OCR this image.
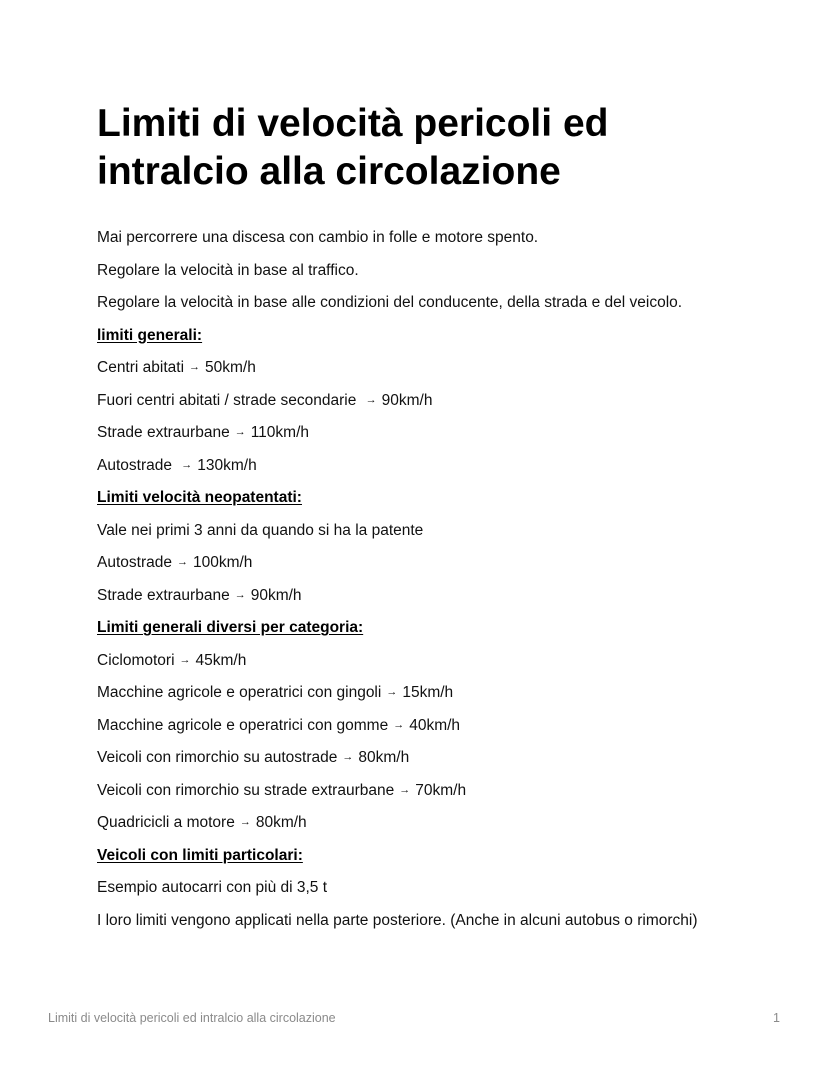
Limiti di velocità pericoli ed intralcio alla circolazione
Mai percorrere una discesa con cambio in folle e motore spento.
Regolare la velocità in base al traffico.
Regolare la velocità in base alle condizioni del conducente, della strada e del veicolo.
limiti generali:
Centri abitati → 50km/h
Fuori centri abitati / strade secondarie → 90km/h
Strade extraurbane → 110km/h
Autostrade → 130km/h
Limiti velocità neopatentati:
Vale nei primi 3 anni da quando si ha la patente
Autostrade → 100km/h
Strade extraurbane → 90km/h
Limiti generali diversi per categoria:
Ciclomotori → 45km/h
Macchine agricole e operatrici con gingoli → 15km/h
Macchine agricole e operatrici con gomme → 40km/h
Veicoli con rimorchio su autostrade → 80km/h
Veicoli con rimorchio su strade extraurbane → 70km/h
Quadricicli a motore → 80km/h
Veicoli con limiti particolari:
Esempio autocarri con più di 3,5 t
I loro limiti vengono applicati nella parte posteriore. (Anche in alcuni autobus o rimorchi)
Limiti di velocità pericoli ed intralcio alla circolazione	1
